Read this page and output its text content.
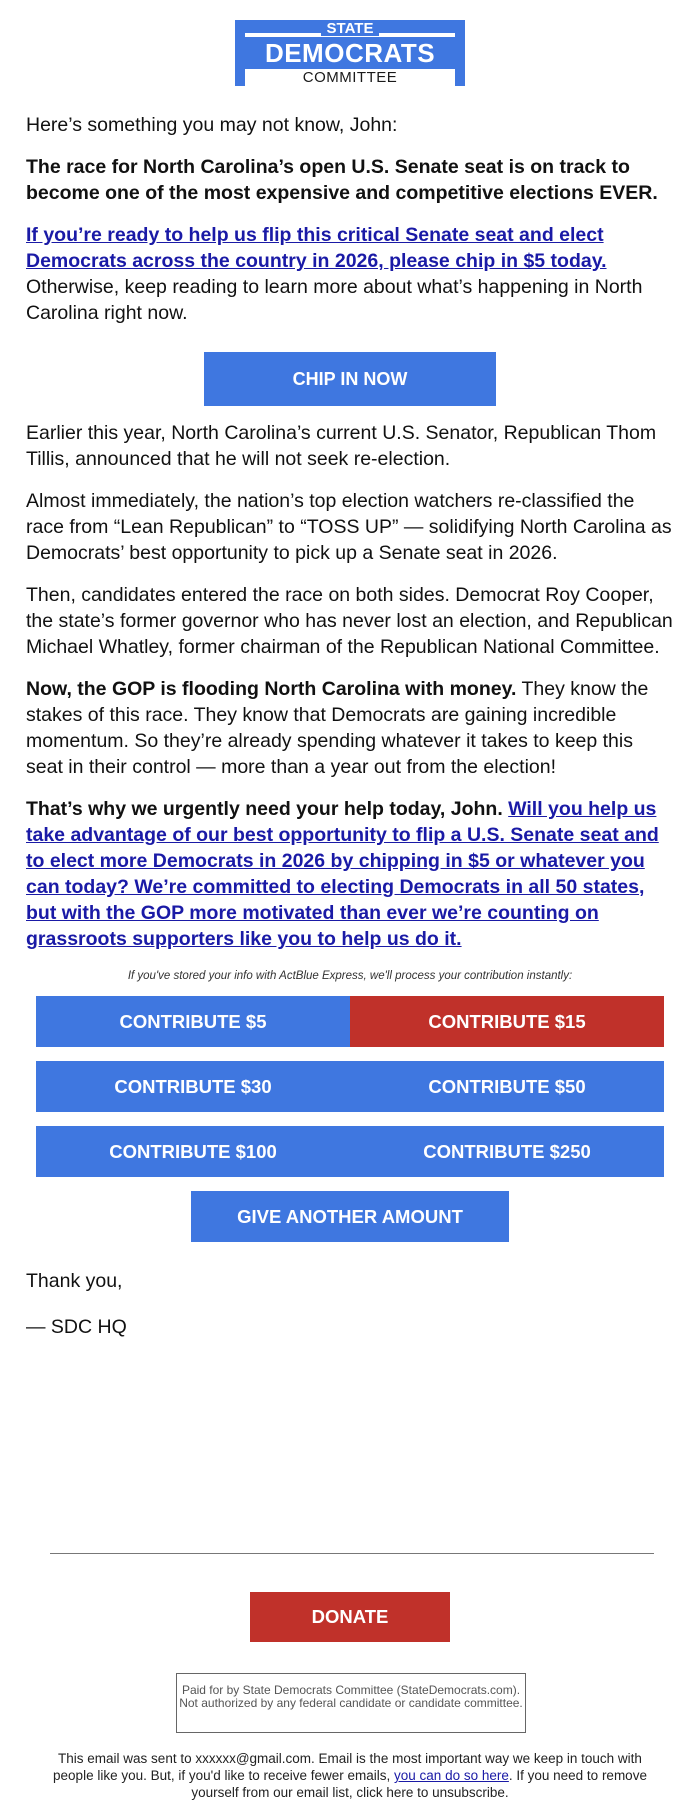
STATE
DEMOCRATS
COMMITTEE

Here’s something you may not know, John:

The race for North Carolina’s open U.S. Senate seat is on track to become one of the most expensive and competitive elections EVER.

If you’re ready to help us flip this critical Senate seat and elect Democrats across the country in 2026, please chip in $5 today. Otherwise, keep reading to learn more about what’s happening in North Carolina right now.

CHIP IN NOW

Earlier this year, North Carolina’s current U.S. Senator, Republican Thom Tillis, announced that he will not seek re-election.

Almost immediately, the nation’s top election watchers re-classified the race from “Lean Republican” to “TOSS UP” — solidifying North Carolina as Democrats’ best opportunity to pick up a Senate seat in 2026.

Then, candidates entered the race on both sides. Democrat Roy Cooper, the state’s former governor who has never lost an election, and Republican Michael Whatley, former chairman of the Republican National Committee.

Now, the GOP is flooding North Carolina with money. They know the stakes of this race. They know that Democrats are gaining incredible momentum. So they’re already spending whatever it takes to keep this seat in their control — more than a year out from the election!

That’s why we urgently need your help today, John. Will you help us take advantage of our best opportunity to flip a U.S. Senate seat and to elect more Democrats in 2026 by chipping in $5 or whatever you can today? We’re committed to electing Democrats in all 50 states, but with the GOP more motivated than ever we’re counting on grassroots supporters like you to help us do it.

If you've stored your info with ActBlue Express, we'll process your contribution instantly:
CONTRIBUTE $5	CONTRIBUTE $15
CONTRIBUTE $30	CONTRIBUTE $50
CONTRIBUTE $100	CONTRIBUTE $250
GIVE ANOTHER AMOUNT

Thank you,

— SDC HQ

DONATE
Paid for by State Democrats Committee (StateDemocrats.com). Not authorized by any federal candidate or candidate committee.
This email was sent to xxxxxx@gmail.com. Email is the most important way we keep in touch with people like you. But, if you'd like to receive fewer emails, you can do so here. If you need to remove yourself from our email list, click here to unsubscribe.
